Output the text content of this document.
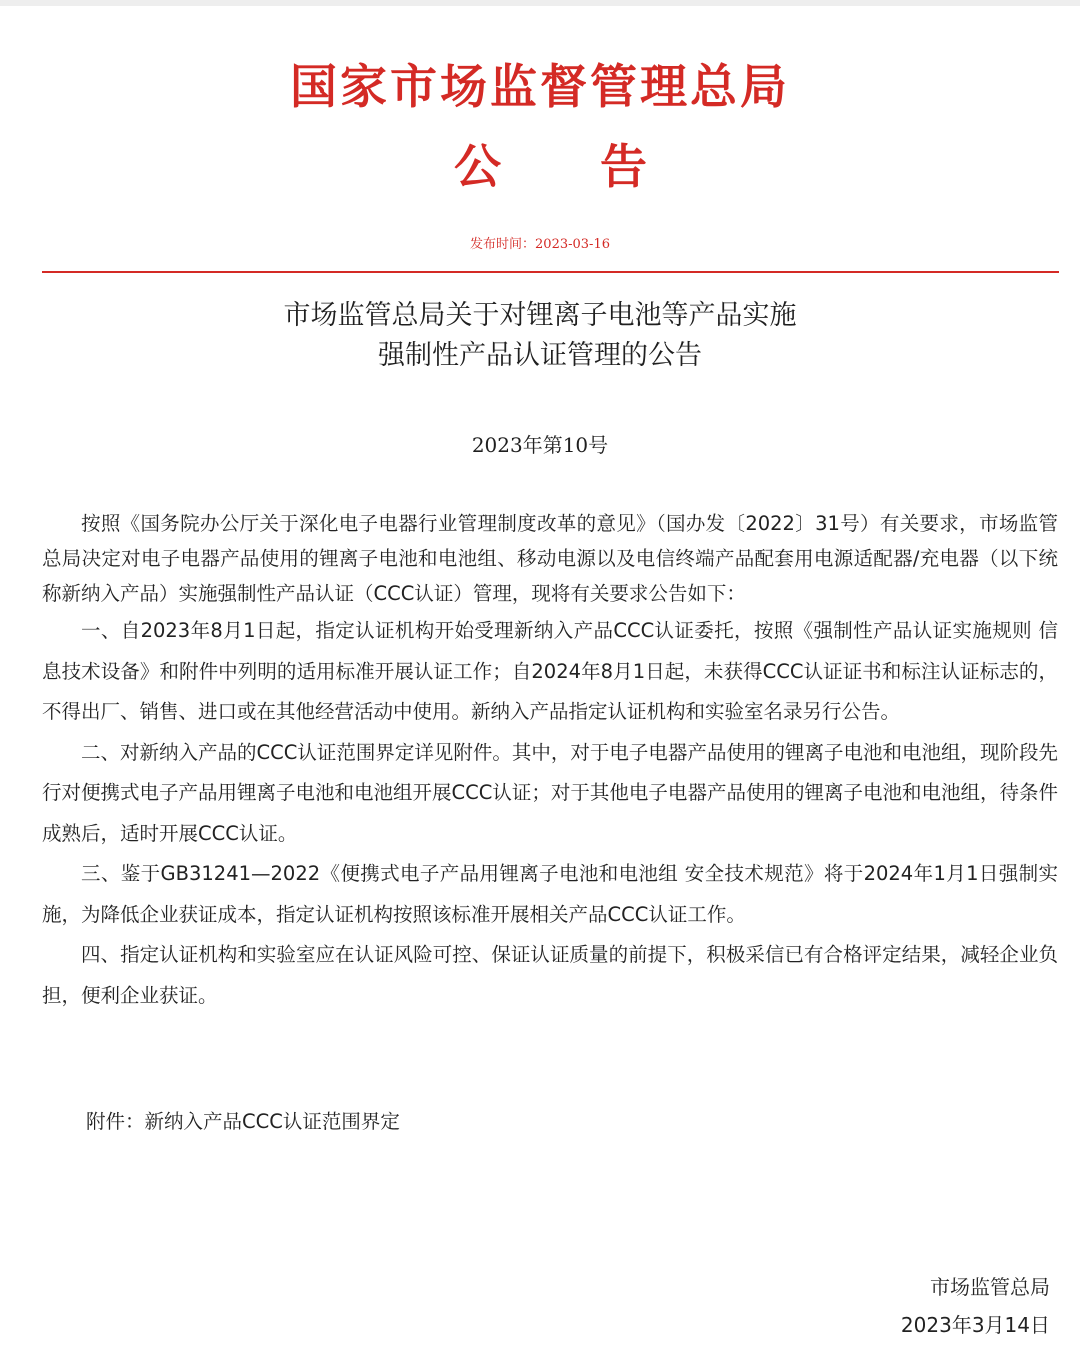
国家市场监督管理总局
公 告
发布时间：2023-03-16
市场监管总局关于对锂离子电池等产品实施
强制性产品认证管理的公告
2023年第10号

按照《国务院办公厅关于深化电子电器行业管理制度改革的意见》（国办发〔2022〕31号）有关要求，市场监管总局决定对电子电器产品使用的锂离子电池和电池组、移动电源以及电信终端产品配套用电源适配器/充电器（以下统称新纳入产品）实施强制性产品认证（CCC认证）管理，现将有关要求公告如下：

一、自2023年8月1日起，指定认证机构开始受理新纳入产品CCC认证委托，按照《强制性产品认证实施规则 信息技术设备》和附件中列明的适用标准开展认证工作；自2024年8月1日起，未获得CCC认证证书和标注认证标志的，不得出厂、销售、进口或在其他经营活动中使用。新纳入产品指定认证机构和实验室名录另行公告。

二、对新纳入产品的CCC认证范围界定详见附件。其中，对于电子电器产品使用的锂离子电池和电池组，现阶段先行对便携式电子产品用锂离子电池和电池组开展CCC认证；对于其他电子电器产品使用的锂离子电池和电池组，待条件成熟后，适时开展CCC认证。

三、鉴于GB31241—2022《便携式电子产品用锂离子电池和电池组 安全技术规范》将于2024年1月1日强制实施，为降低企业获证成本，指定认证机构按照该标准开展相关产品CCC认证工作。

四、指定认证机构和实验室应在认证风险可控、保证认证质量的前提下，积极采信已有合格评定结果，减轻企业负担，便利企业获证。

附件：新纳入产品CCC认证范围界定
市场监管总局
2023年3月14日
